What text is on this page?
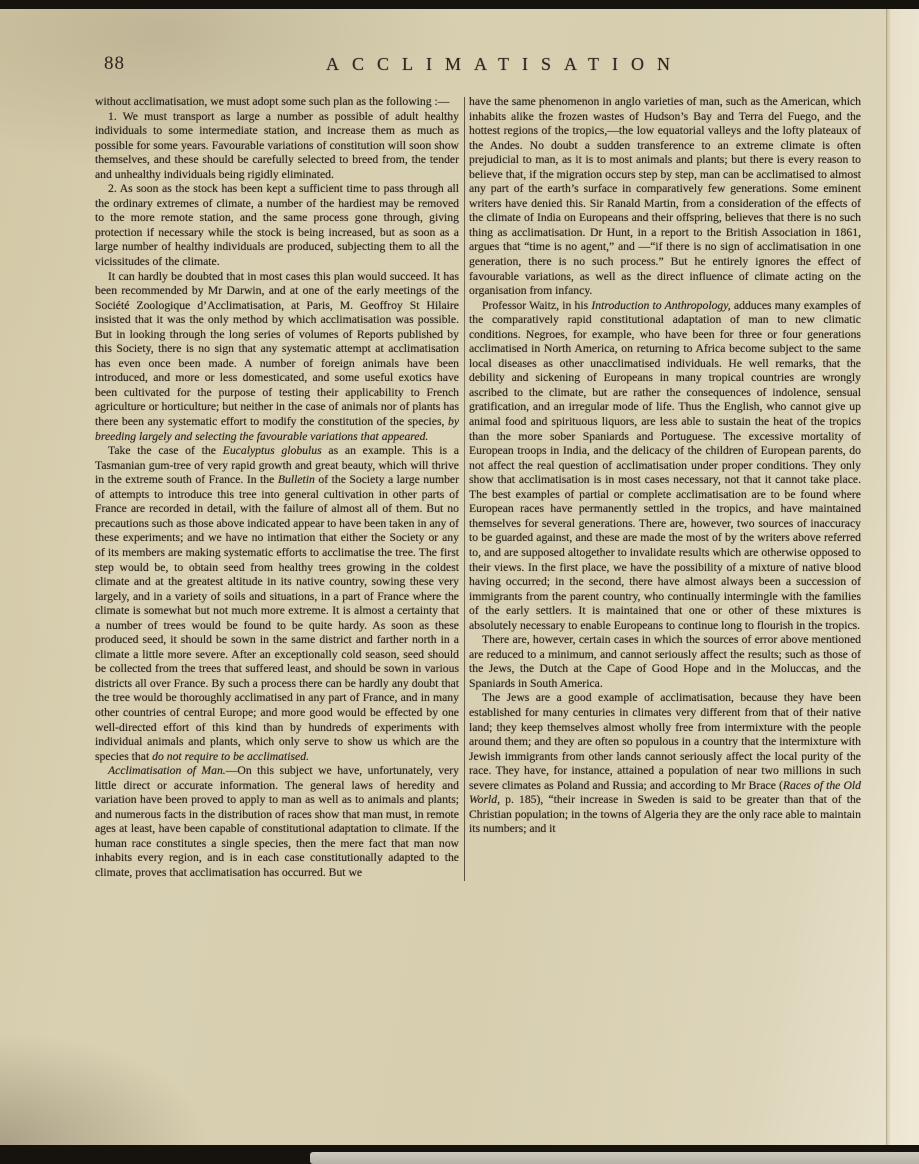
88	ACCLIMATISATION

without acclimatisation, we must adopt some such plan as the following :—

1. We must transport as large a number as possible of adult healthy individuals to some intermediate station, and increase them as much as possible for some years. Favourable variations of constitution will soon show themselves, and these should be carefully selected to breed from, the tender and unhealthy individuals being rigidly eliminated.

2. As soon as the stock has been kept a sufficient time to pass through all the ordinary extremes of climate, a number of the hardiest may be removed to the more remote station, and the same process gone through, giving protection if necessary while the stock is being increased, but as soon as a large number of healthy individuals are produced, subjecting them to all the vicissitudes of the climate.

It can hardly be doubted that in most cases this plan would succeed. It has been recommended by Mr Darwin, and at one of the early meetings of the Société Zoologique d’Acclimatisation, at Paris, M. Geoffroy St Hilaire insisted that it was the only method by which acclimatisation was possible. But in looking through the long series of volumes of Reports published by this Society, there is no sign that any systematic attempt at acclimatisation has even once been made. A number of foreign animals have been introduced, and more or less domesticated, and some useful exotics have been cultivated for the purpose of testing their applicability to French agriculture or horticulture; but neither in the case of animals nor of plants has there been any systematic effort to modify the constitution of the species, by breeding largely and selecting the favourable variations that appeared.

Take the case of the Eucalyptus globulus as an example. This is a Tasmanian gum-tree of very rapid growth and great beauty, which will thrive in the extreme south of France. In the Bulletin of the Society a large number of attempts to introduce this tree into general cultivation in other parts of France are recorded in detail, with the failure of almost all of them. But no precautions such as those above indicated appear to have been taken in any of these experiments; and we have no intimation that either the Society or any of its members are making systematic efforts to acclimatise the tree. The first step would be, to obtain seed from healthy trees growing in the coldest climate and at the greatest altitude in its native country, sowing these very largely, and in a variety of soils and situations, in a part of France where the climate is somewhat but not much more extreme. It is almost a certainty that a number of trees would be found to be quite hardy. As soon as these produced seed, it should be sown in the same district and farther north in a climate a little more severe. After an exceptionally cold season, seed should be collected from the trees that suffered least, and should be sown in various districts all over France. By such a process there can be hardly any doubt that the tree would be thoroughly acclimatised in any part of France, and in many other countries of central Europe; and more good would be effected by one well-directed effort of this kind than by hundreds of experiments with individual animals and plants, which only serve to show us which are the species that do not require to be acclimatised.

Acclimatisation of Man.—On this subject we have, unfortunately, very little direct or accurate information. The general laws of heredity and variation have been proved to apply to man as well as to animals and plants; and numerous facts in the distribution of races show that man must, in remote ages at least, have been capable of constitutional adaptation to climate. If the human race constitutes a single species, then the mere fact that man now inhabits every region, and is in each case constitutionally adapted to the climate, proves that acclimatisation has occurred. But we

have the same phenomenon in anglo varieties of man, such as the American, which inhabits alike the frozen wastes of Hudson’s Bay and Terra del Fuego, and the hottest regions of the tropics,—the low equatorial valleys and the lofty plateaux of the Andes. No doubt a sudden transference to an extreme climate is often prejudicial to man, as it is to most animals and plants; but there is every reason to believe that, if the migration occurs step by step, man can be acclimatised to almost any part of the earth’s surface in comparatively few generations. Some eminent writers have denied this. Sir Ranald Martin, from a consideration of the effects of the climate of India on Europeans and their offspring, believes that there is no such thing as acclimatisation. Dr Hunt, in a report to the British Association in 1861, argues that “time is no agent,” and —“if there is no sign of acclimatisation in one generation, there is no such process.” But he entirely ignores the effect of favourable variations, as well as the direct influence of climate acting on the organisation from infancy.

Professor Waitz, in his Introduction to Anthropology, adduces many examples of the comparatively rapid constitutional adaptation of man to new climatic conditions. Negroes, for example, who have been for three or four generations acclimatised in North America, on returning to Africa become subject to the same local diseases as other unacclimatised individuals. He well remarks, that the debility and sickening of Europeans in many tropical countries are wrongly ascribed to the climate, but are rather the consequences of indolence, sensual gratification, and an irregular mode of life. Thus the English, who cannot give up animal food and spirituous liquors, are less able to sustain the heat of the tropics than the more sober Spaniards and Portuguese. The excessive mortality of European troops in India, and the delicacy of the children of European parents, do not affect the real question of acclimatisation under proper conditions. They only show that acclimatisation is in most cases necessary, not that it cannot take place. The best examples of partial or complete acclimatisation are to be found where European races have permanently settled in the tropics, and have maintained themselves for several generations. There are, however, two sources of inaccuracy to be guarded against, and these are made the most of by the writers above referred to, and are supposed altogether to invalidate results which are otherwise opposed to their views. In the first place, we have the possibility of a mixture of native blood having occurred; in the second, there have almost always been a succession of immigrants from the parent country, who continually intermingle with the families of the early settlers. It is maintained that one or other of these mixtures is absolutely necessary to enable Europeans to continue long to flourish in the tropics.

There are, however, certain cases in which the sources of error above mentioned are reduced to a minimum, and cannot seriously affect the results; such as those of the Jews, the Dutch at the Cape of Good Hope and in the Moluccas, and the Spaniards in South America.

The Jews are a good example of acclimatisation, because they have been established for many centuries in climates very different from that of their native land; they keep themselves almost wholly free from intermixture with the people around them; and they are often so populous in a country that the intermixture with Jewish immigrants from other lands cannot seriously affect the local purity of the race. They have, for instance, attained a population of near two millions in such severe climates as Poland and Russia; and according to Mr Brace (Races of the Old World, p. 185), “their increase in Sweden is said to be greater than that of the Christian population; in the towns of Algeria they are the only race able to maintain its numbers; and it
